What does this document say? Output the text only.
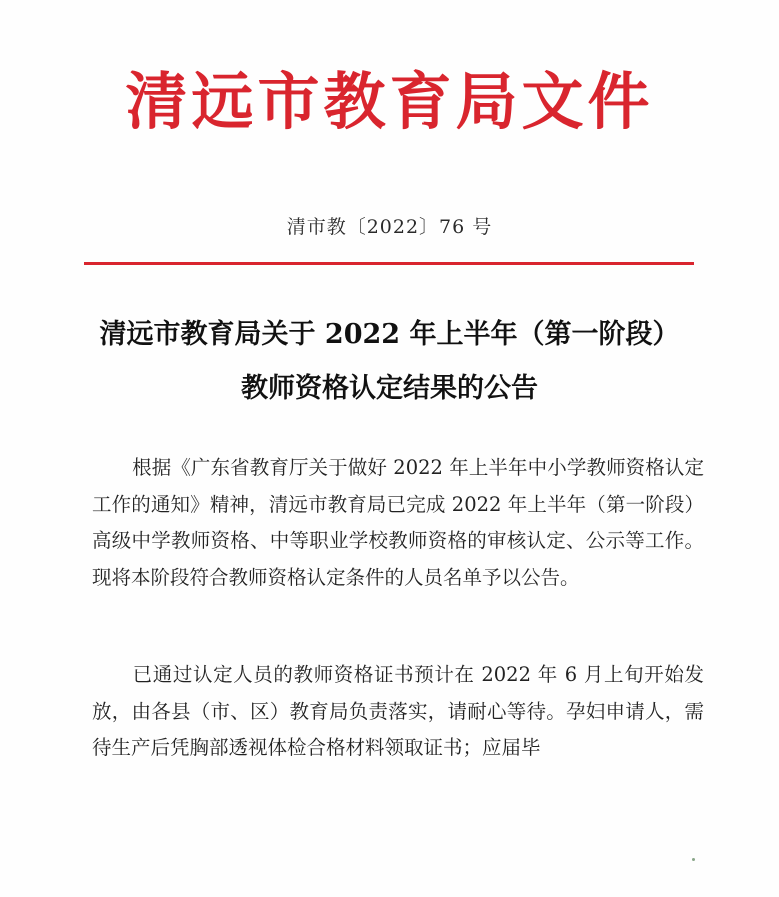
清远市教育局文件
清市教〔2022〕76 号
清远市教育局关于 2022 年上半年（第一阶段）
教师资格认定结果的公告
根据《广东省教育厅关于做好 2022 年上半年中小学教师资格认定工作的通知》精神，清远市教育局已完成 2022 年上半年（第一阶段）高级中学教师资格、中等职业学校教师资格的审核认定、公示等工作。现将本阶段符合教师资格认定条件的人员名单予以公告。
已通过认定人员的教师资格证书预计在 2022 年 6 月上旬开始发放，由各县（市、区）教育局负责落实，请耐心等待。孕妇申请人，需待生产后凭胸部透视体检合格材料领取证书；应届毕
